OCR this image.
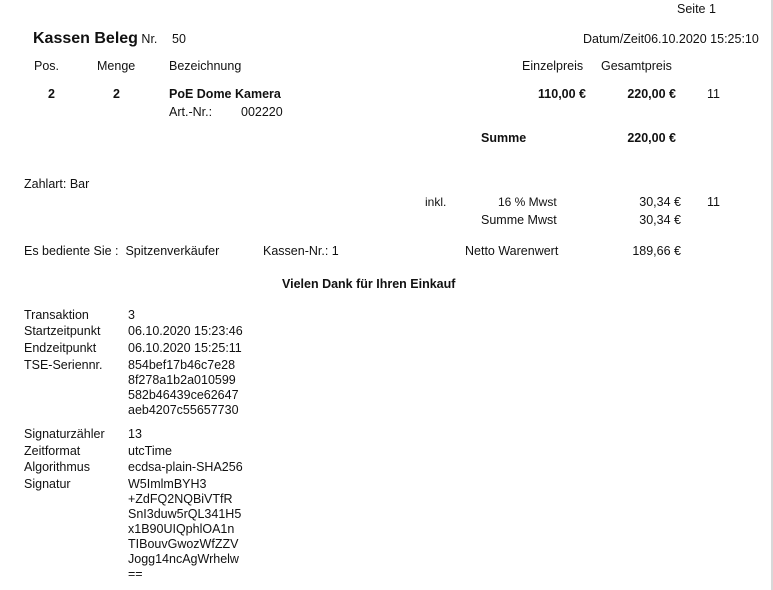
Seite 1
Kassen Beleg Nr. 50	Datum/Zeit06.10.2020 15:25:10
Pos.	Menge	Bezeichnung	Einzelpreis Gesamtpreis
2	2	PoE Dome Kamera	110,00 €	220,00 € 11
Art.-Nr.: 002220
Summe	220,00 €
Zahlart: Bar
inkl.	16 % Mwst	30,34 € 11
Summe Mwst	30,34 €
Es bediente Sie :  Spitzenverkäufer	Kassen-Nr.: 1	Netto Warenwert	189,66 €
Vielen Dank für Ihren Einkauf
Transaktion	3
Startzeitpunkt 06.10.2020 15:23:46
Endzeitpunkt	06.10.2020 15:25:11
TSE-Seriennr. 854bef17b46c7e28
8f278a1b2a010599
582b46439ce62647
aeb4207c55657730
Signaturzähler 13
Zeitformat	utcTime
Algorithmus	ecdsa-plain-SHA256
Signatur	W5ImlmBYH3
+ZdFQ2NQBiVTfR
SnI3duw5rQL341H5
x1B90UIQphlOA1n
TIBouvGwozWfZZV
Jogg14ncAgWrhelw
==
